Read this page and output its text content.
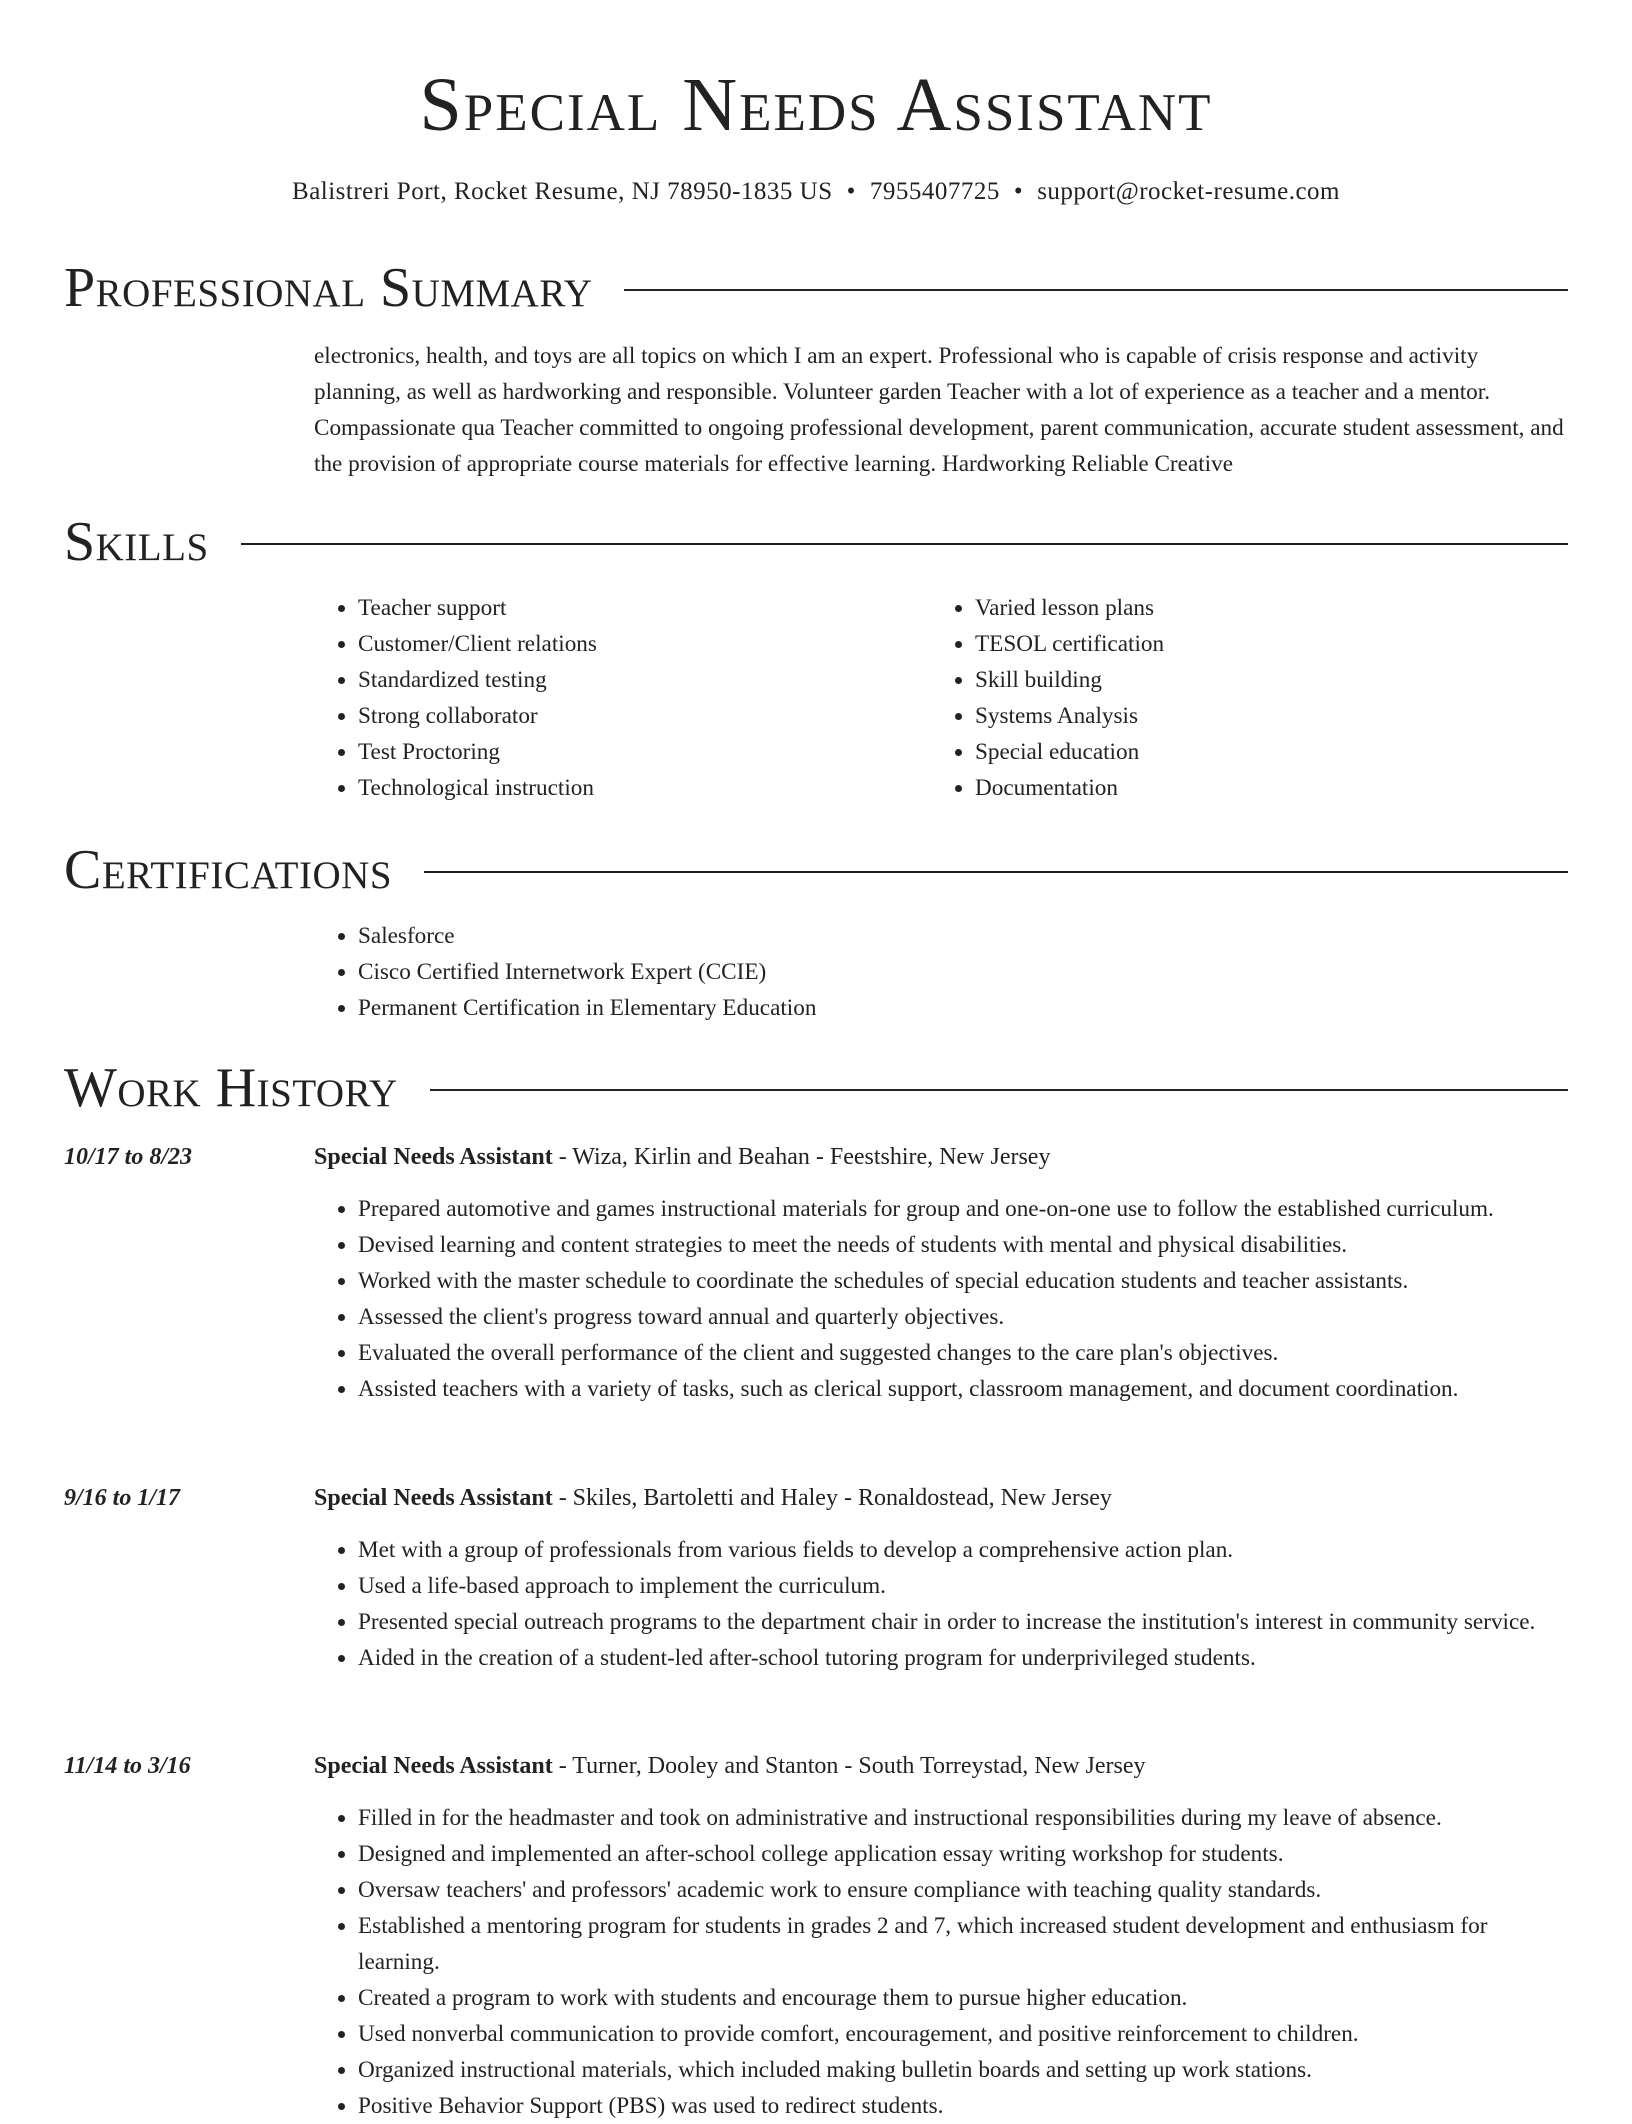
Special Needs Assistant
Balistreri Port, Rocket Resume, NJ 78950-1835 US • 7955407725 • support@rocket-resume.com
Professional Summary

electronics, health, and toys are all topics on which I am an expert. Professional who is capable of crisis response and activity planning, as well as hardworking and responsible. Volunteer garden Teacher with a lot of experience as a teacher and a mentor. Compassionate qua Teacher committed to ongoing professional development, parent communication, accurate student assessment, and the provision of appropriate course materials for effective learning. Hardworking Reliable Creative

Skills
• Teacher support
• Customer/Client relations
• Standardized testing
• Strong collaborator
• Test Proctoring
• Technological instruction
• Varied lesson plans
• TESOL certification
• Skill building
• Systems Analysis
• Special education
• Documentation
Certifications
• Salesforce
• Cisco Certified Internetwork Expert (CCIE)
• Permanent Certification in Elementary Education
Work History
10/17 to 8/23	Special Needs Assistant - Wiza, Kirlin and Beahan - Feestshire, New Jersey
• Prepared automotive and games instructional materials for group and one-on-one use to follow the established curriculum.
• Devised learning and content strategies to meet the needs of students with mental and physical disabilities.
• Worked with the master schedule to coordinate the schedules of special education students and teacher assistants.
• Assessed the client's progress toward annual and quarterly objectives.
• Evaluated the overall performance of the client and suggested changes to the care plan's objectives.
• Assisted teachers with a variety of tasks, such as clerical support, classroom management, and document coordination.
9/16 to 1/17	Special Needs Assistant - Skiles, Bartoletti and Haley - Ronaldostead, New Jersey
• Met with a group of professionals from various fields to develop a comprehensive action plan.
• Used a life-based approach to implement the curriculum.
• Presented special outreach programs to the department chair in order to increase the institution's interest in community service.
• Aided in the creation of a student-led after-school tutoring program for underprivileged students.
11/14 to 3/16	Special Needs Assistant - Turner, Dooley and Stanton - South Torreystad, New Jersey
• Filled in for the headmaster and took on administrative and instructional responsibilities during my leave of absence.
• Designed and implemented an after-school college application essay writing workshop for students.
• Oversaw teachers' and professors' academic work to ensure compliance with teaching quality standards.
• Established a mentoring program for students in grades 2 and 7, which increased student development and enthusiasm for learning.
• Created a program to work with students and encourage them to pursue higher education.
• Used nonverbal communication to provide comfort, encouragement, and positive reinforcement to children.
• Organized instructional materials, which included making bulletin boards and setting up work stations.
• Positive Behavior Support (PBS) was used to redirect students.
